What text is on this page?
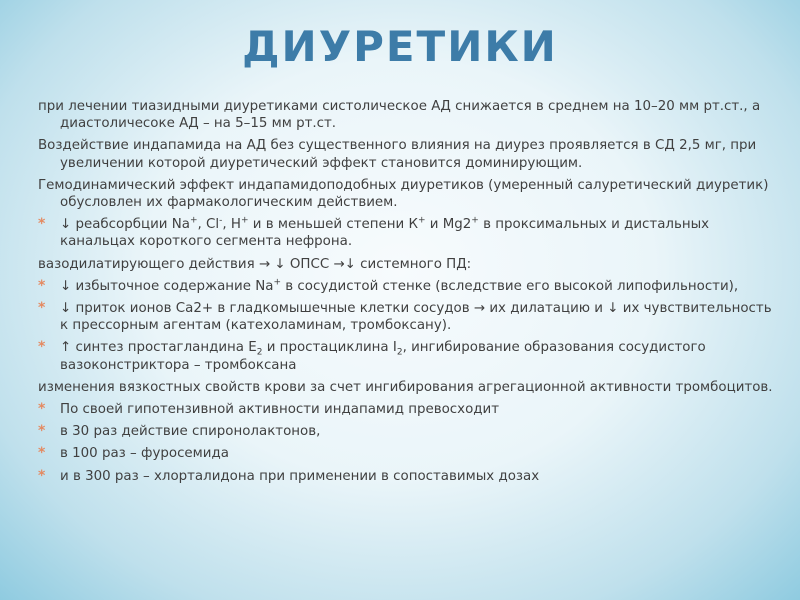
ДИУРЕТИКИ
при лечении тиазидными диуретиками систолическое АД снижается в среднем на 10–20 мм рт.ст., а диастоличесоке АД – на 5–15 мм рт.ст.
Воздействие индапамида на АД без существенного влияния на диурез проявляется в СД 2,5 мг, при увеличении которой диуретический эффект становится доминирующим.
Гемодинамический эффект индапамидоподобных диуретиков (умеренный салуретический диуретик) обусловлен их фармакологическим действием.
*	↓ реабсорбции Na+, Cl-, H+ и в меньшей степени К+ и Mg2+ в проксимальных и дистальных канальцах короткого сегмента нефрона.
вазодилатирующего действия → ↓ ОПСС →↓ системного ПД:
*	↓ избыточное содержание Na+ в сосудистой стенке (вследствие его высокой липофильности),
*	↓ приток ионов Са2+ в гладкомышечные клетки сосудов → их дилатацию и ↓ их чувствительность к прессорным агентам (катехоламинам, тромбоксану).
*	↑ синтез простагландина $Е_2$ и простациклина $I_2$, ингибирование образования сосудистого вазоконстриктора – тромбоксана
изменения вязкостных свойств крови за счет ингибирования агрегационной активности тромбоцитов.
*	По своей гипотензивной активности индапамид превосходит
*	в 30 раз действие спиронолактонов,
*	в 100 раз – фуросемида
*	и в 300 раз – хлорталидона при применении в сопоставимых дозах
